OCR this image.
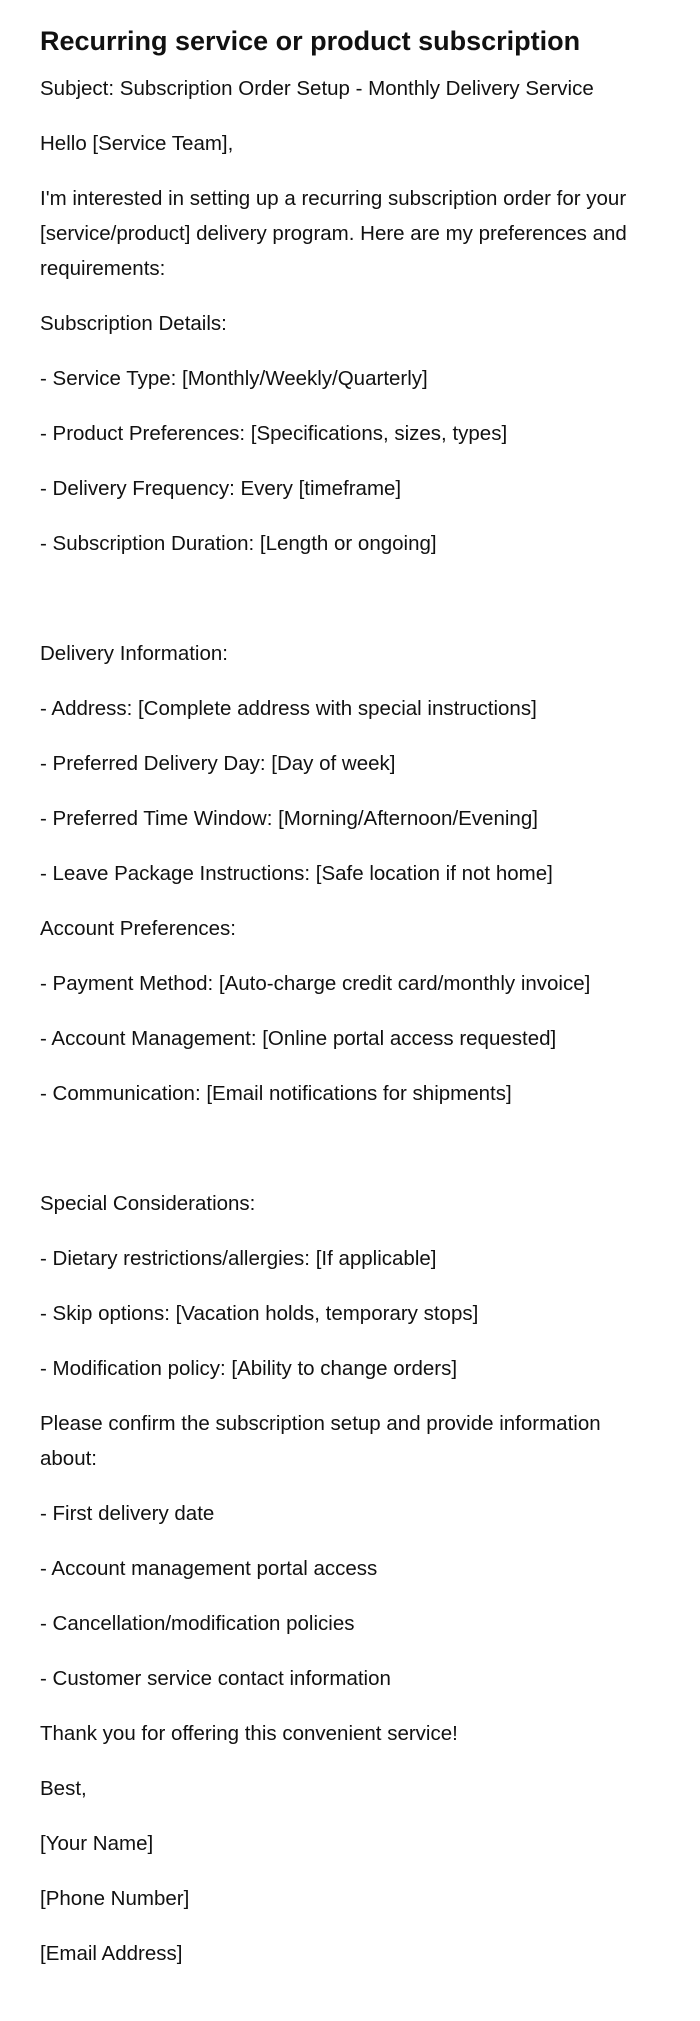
Recurring service or product subscription

Subject: Subscription Order Setup - Monthly Delivery Service

Hello [Service Team],

I'm interested in setting up a recurring subscription order for your [service/product] delivery program. Here are my preferences and requirements:

Subscription Details:

- Service Type: [Monthly/Weekly/Quarterly]

- Product Preferences: [Specifications, sizes, types]

- Delivery Frequency: Every [timeframe]

- Subscription Duration: [Length or ongoing]

Delivery Information:

- Address: [Complete address with special instructions]

- Preferred Delivery Day: [Day of week]

- Preferred Time Window: [Morning/Afternoon/Evening]

- Leave Package Instructions: [Safe location if not home]

Account Preferences:

- Payment Method: [Auto-charge credit card/monthly invoice]

- Account Management: [Online portal access requested]

- Communication: [Email notifications for shipments]

Special Considerations:

- Dietary restrictions/allergies: [If applicable]

- Skip options: [Vacation holds, temporary stops]

- Modification policy: [Ability to change orders]

Please confirm the subscription setup and provide information about:

- First delivery date

- Account management portal access

- Cancellation/modification policies

- Customer service contact information

Thank you for offering this convenient service!

Best,

[Your Name]

[Phone Number]

[Email Address]
